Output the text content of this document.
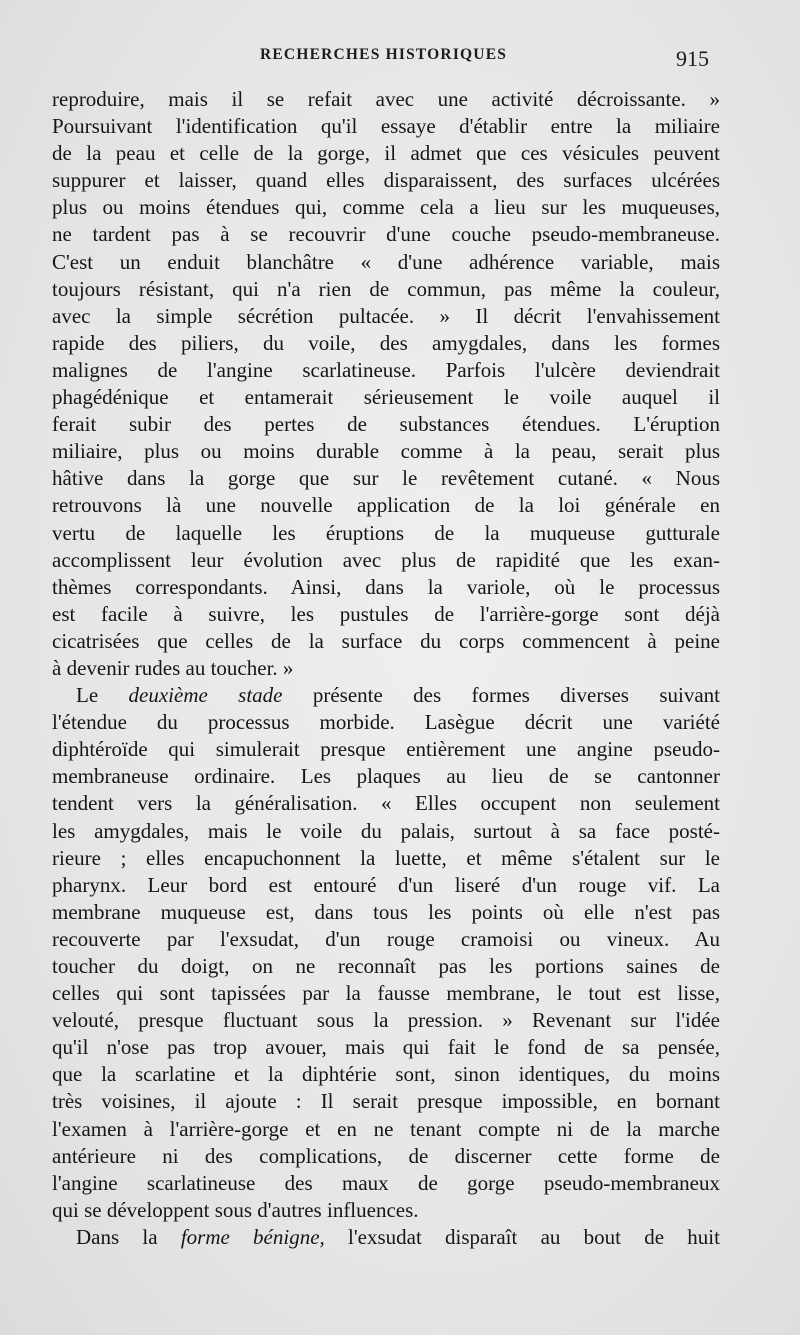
RECHERCHES HISTORIQUES	915
reproduire, mais il se refait avec une activité décroissante. »
Poursuivant l'identification qu'il essaye d'établir entre la miliaire
de la peau et celle de la gorge, il admet que ces vésicules peuvent
suppurer et laisser, quand elles disparaissent, des surfaces ulcérées
plus ou moins étendues qui, comme cela a lieu sur les muqueuses,
ne tardent pas à se recouvrir d'une couche pseudo-membraneuse.
C'est un enduit blanchâtre « d'une adhérence variable, mais
toujours résistant, qui n'a rien de commun, pas même la couleur,
avec la simple sécrétion pultacée. » Il décrit l'envahissement
rapide des piliers, du voile, des amygdales, dans les formes
malignes de l'angine scarlatineuse. Parfois l'ulcère deviendrait
phagédénique et entamerait sérieusement le voile auquel il
ferait subir des pertes de substances étendues. L'éruption
miliaire, plus ou moins durable comme à la peau, serait plus
hâtive dans la gorge que sur le revêtement cutané. « Nous
retrouvons là une nouvelle application de la loi générale en
vertu de laquelle les éruptions de la muqueuse gutturale
accomplissent leur évolution avec plus de rapidité que les exan-
thèmes correspondants. Ainsi, dans la variole, où le processus
est facile à suivre, les pustules de l'arrière-gorge sont déjà
cicatrisées que celles de la surface du corps commencent à peine
à devenir rudes au toucher. »
Le deuxième stade présente des formes diverses suivant
l'étendue du processus morbide. Lasègue décrit une variété
diphtéroïde qui simulerait presque entièrement une angine pseudo-
membraneuse ordinaire. Les plaques au lieu de se cantonner
tendent vers la généralisation. « Elles occupent non seulement
les amygdales, mais le voile du palais, surtout à sa face posté-
rieure ; elles encapuchonnent la luette, et même s'étalent sur le
pharynx. Leur bord est entouré d'un liseré d'un rouge vif. La
membrane muqueuse est, dans tous les points où elle n'est pas
recouverte par l'exsudat, d'un rouge cramoisi ou vineux. Au
toucher du doigt, on ne reconnaît pas les portions saines de
celles qui sont tapissées par la fausse membrane, le tout est lisse,
velouté, presque fluctuant sous la pression. » Revenant sur l'idée
qu'il n'ose pas trop avouer, mais qui fait le fond de sa pensée,
que la scarlatine et la diphtérie sont, sinon identiques, du moins
très voisines, il ajoute : Il serait presque impossible, en bornant
l'examen à l'arrière-gorge et en ne tenant compte ni de la marche
antérieure ni des complications, de discerner cette forme de
l'angine scarlatineuse des maux de gorge pseudo-membraneux
qui se développent sous d'autres influences.
Dans la forme bénigne, l'exsudat disparaît au bout de huit
